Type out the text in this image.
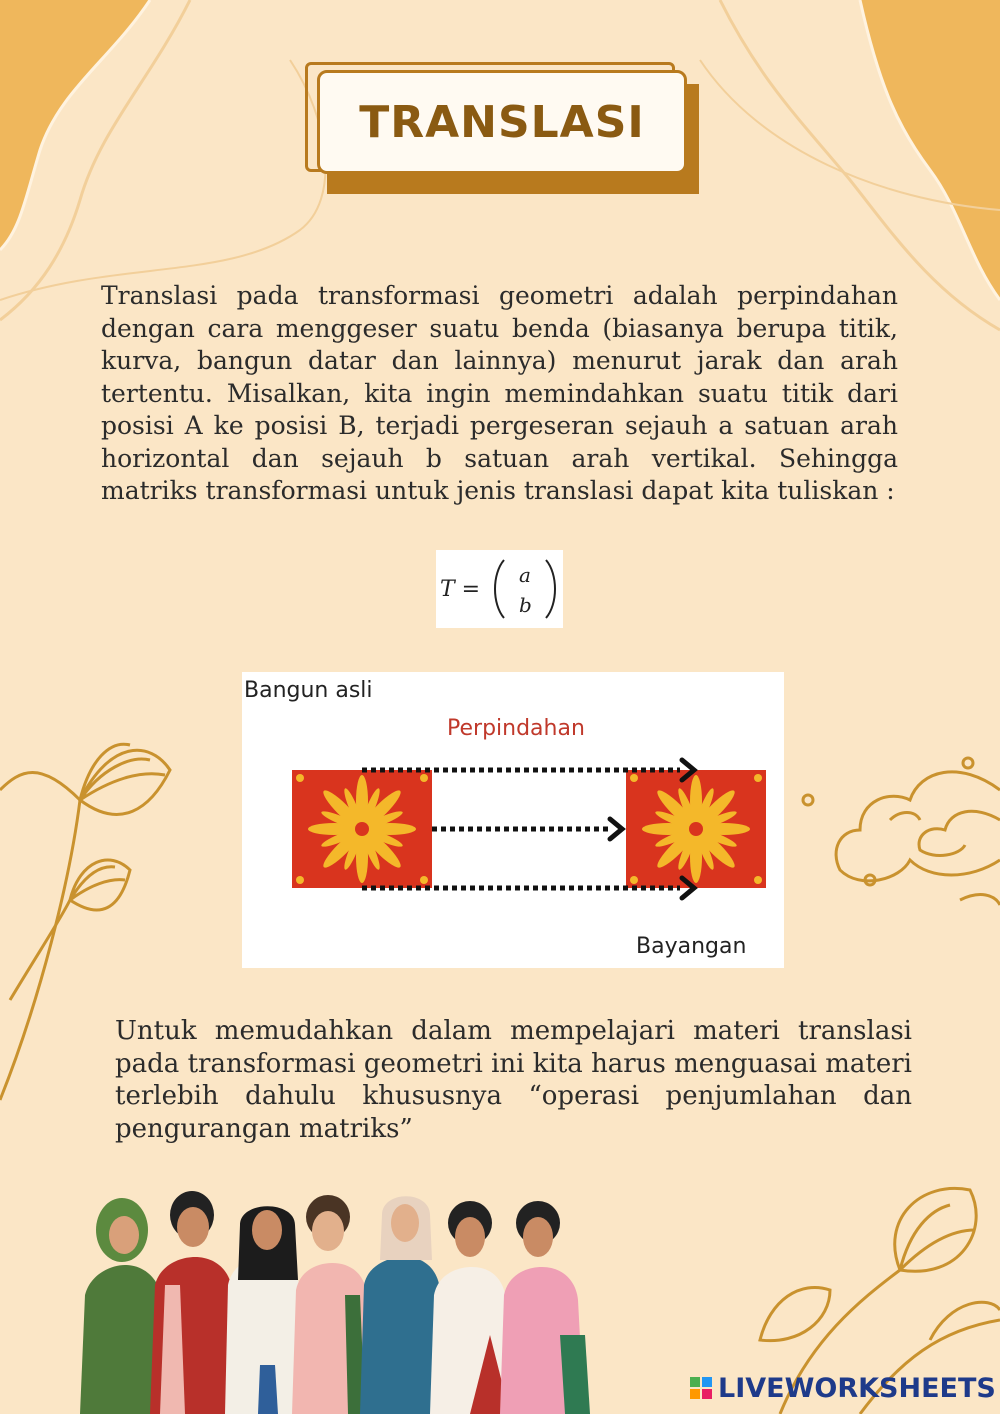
TRANSLASI
Translasi pada transformasi geometri adalah perpindahan dengan cara menggeser suatu benda (biasanya berupa titik, kurva, bangun datar dan lainnya) menurut jarak dan arah tertentu. Misalkan, kita ingin memindahkan suatu titik dari posisi A ke posisi B, terjadi pergeseran sejauh a satuan arah horizontal dan sejauh b satuan arah vertikal. Sehingga matriks transformasi untuk jenis translasi dapat kita tuliskan :
T =
a
b
Bangun asli
Perpindahan
Bayangan
Untuk memudahkan dalam mempelajari materi translasi pada transformasi geometri ini kita harus menguasai materi terlebih dahulu khususnya “operasi penjumlahan dan pengurangan matriks”
LIVEWORKSHEETS
